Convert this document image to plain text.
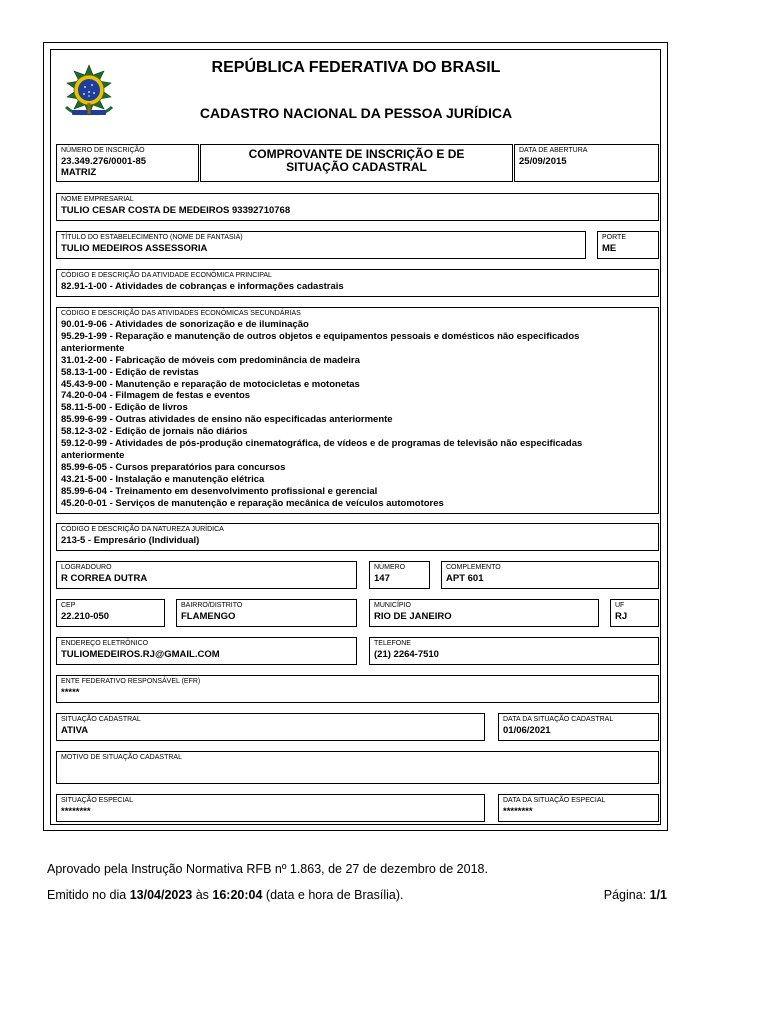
REPÚBLICA FEDERATIVA DO BRASIL
CADASTRO NACIONAL DA PESSOA JURÍDICA
NÚMERO DE INSCRIÇÃO
23.349.276/0001-85
MATRIZ
COMPROVANTE DE INSCRIÇÃO E DE SITUAÇÃO CADASTRAL
DATA DE ABERTURA
25/09/2015
NOME EMPRESARIAL
TULIO CESAR COSTA DE MEDEIROS 93392710768
TÍTULO DO ESTABELECIMENTO (NOME DE FANTASIA)
TULIO MEDEIROS ASSESSORIA
PORTE
ME
CÓDIGO E DESCRIÇÃO DA ATIVIDADE ECONÔMICA PRINCIPAL
82.91-1-00 - Atividades de cobranças e informações cadastrais
CÓDIGO E DESCRIÇÃO DAS ATIVIDADES ECONÔMICAS SECUNDÁRIAS
90.01-9-06 - Atividades de sonorização e de iluminação
95.29-1-99 - Reparação e manutenção de outros objetos e equipamentos pessoais e domésticos não especificados
anteriormente
31.01-2-00 - Fabricação de móveis com predominância de madeira
58.13-1-00 - Edição de revistas
45.43-9-00 - Manutenção e reparação de motocicletas e motonetas
74.20-0-04 - Filmagem de festas e eventos
58.11-5-00 - Edição de livros
85.99-6-99 - Outras atividades de ensino não especificadas anteriormente
58.12-3-02 - Edição de jornais não diários
59.12-0-99 - Atividades de pós-produção cinematográfica, de vídeos e de programas de televisão não especificadas
anteriormente
85.99-6-05 - Cursos preparatórios para concursos
43.21-5-00 - Instalação e manutenção elétrica
85.99-6-04 - Treinamento em desenvolvimento profissional e gerencial
45.20-0-01 - Serviços de manutenção e reparação mecânica de veículos automotores
CÓDIGO E DESCRIÇÃO DA NATUREZA JURÍDICA
213-5 - Empresário (Individual)
LOGRADOURO
R CORREA DUTRA
NÚMERO
147
COMPLEMENTO
APT 601
CEP
22.210-050
BAIRRO/DISTRITO
FLAMENGO
MUNICÍPIO
RIO DE JANEIRO
UF
RJ
ENDEREÇO ELETRÔNICO
TULIOMEDEIROS.RJ@GMAIL.COM
TELEFONE
(21) 2264-7510
ENTE FEDERATIVO RESPONSÁVEL (EFR)
*****
SITUAÇÃO CADASTRAL
ATIVA
DATA DA SITUAÇÃO CADASTRAL
01/06/2021
MOTIVO DE SITUAÇÃO CADASTRAL
SITUAÇÃO ESPECIAL
********
DATA DA SITUAÇÃO ESPECIAL
********
Aprovado pela Instrução Normativa RFB nº 1.863, de 27 de dezembro de 2018.
Emitido no dia 13/04/2023 às 16:20:04 (data e hora de Brasília).	Página: 1/1
